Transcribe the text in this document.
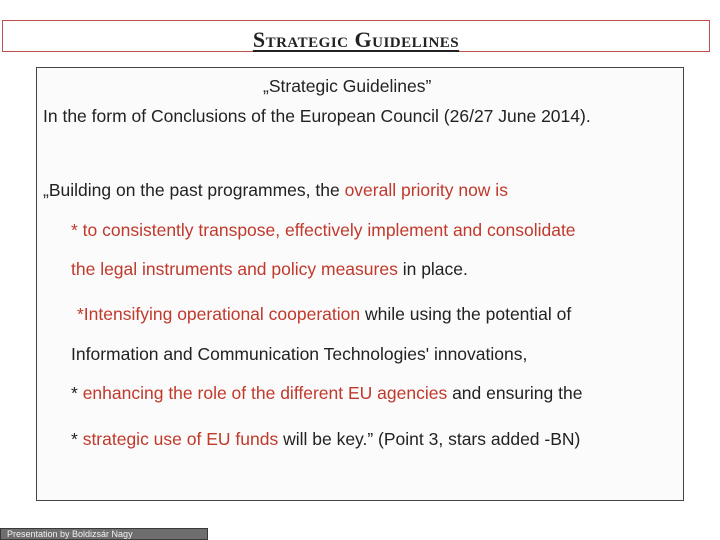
Strategic Guidelines
„Strategic Guidelines”
In the form of Conclusions of the European Council (26/27 June 2014).
„Building on the past programmes, the overall priority now is
* to consistently transpose, effectively implement and consolidate
the legal instruments and policy measures in place.
*Intensifying operational cooperation while using the potential of
Information and Communication Technologies' innovations,
* enhancing the role of the different EU agencies and ensuring the
* strategic use of EU funds will be key.” (Point 3, stars added -BN)
Presentation by Boldizsár Nagy
